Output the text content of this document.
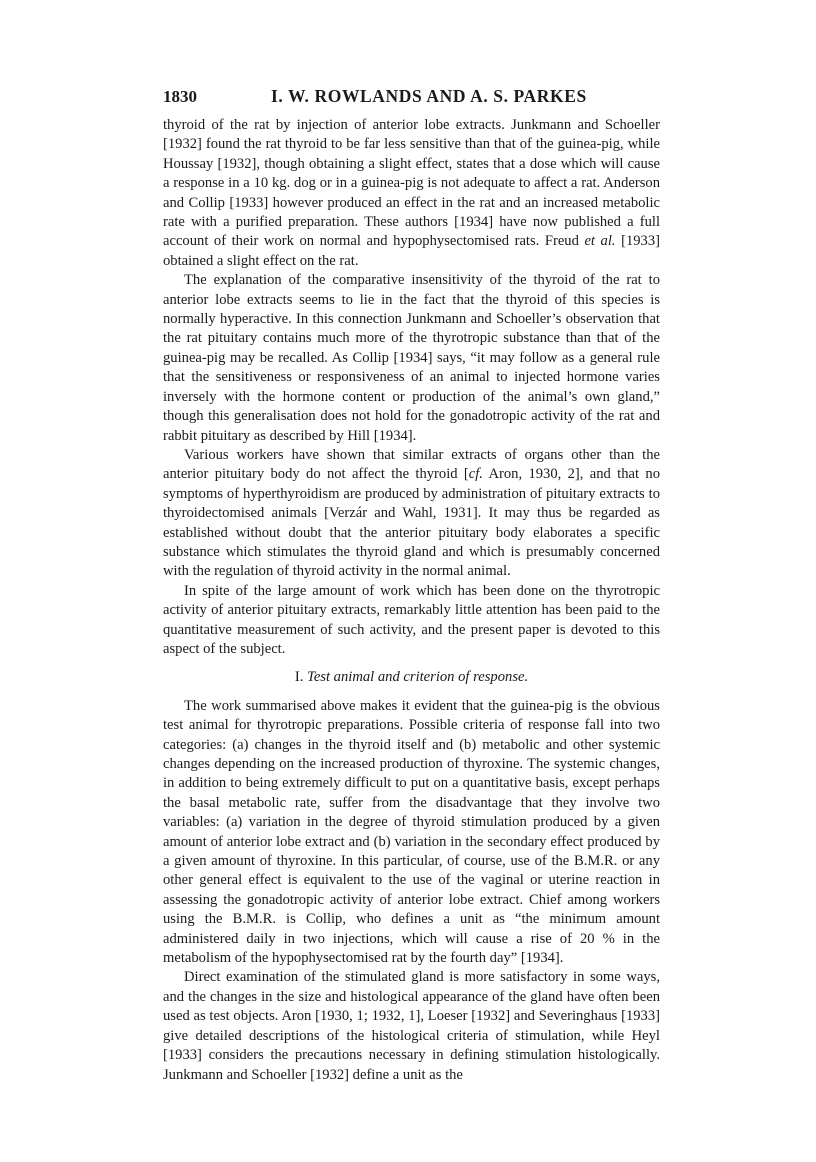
1830	I. W. ROWLANDS AND A. S. PARKES

thyroid of the rat by injection of anterior lobe extracts. Junkmann and Schoeller [1932] found the rat thyroid to be far less sensitive than that of the guinea-pig, while Houssay [1932], though obtaining a slight effect, states that a dose which will cause a response in a 10 kg. dog or in a guinea-pig is not adequate to affect a rat. Anderson and Collip [1933] however produced an effect in the rat and an increased metabolic rate with a purified preparation. These authors [1934] have now published a full account of their work on normal and hypophysectomised rats. Freud et al. [1933] obtained a slight effect on the rat.

The explanation of the comparative insensitivity of the thyroid of the rat to anterior lobe extracts seems to lie in the fact that the thyroid of this species is normally hyperactive. In this connection Junkmann and Schoeller’s observation that the rat pituitary contains much more of the thyrotropic substance than that of the guinea-pig may be recalled. As Collip [1934] says, “it may follow as a general rule that the sensitiveness or responsiveness of an animal to injected hormone varies inversely with the hormone content or production of the animal’s own gland,” though this generalisation does not hold for the gonadotropic activity of the rat and rabbit pituitary as described by Hill [1934].

Various workers have shown that similar extracts of organs other than the anterior pituitary body do not affect the thyroid [cf. Aron, 1930, 2], and that no symptoms of hyperthyroidism are produced by administration of pituitary extracts to thyroidectomised animals [Verzár and Wahl, 1931]. It may thus be regarded as established without doubt that the anterior pituitary body elaborates a specific substance which stimulates the thyroid gland and which is presumably concerned with the regulation of thyroid activity in the normal animal.

In spite of the large amount of work which has been done on the thyrotropic activity of anterior pituitary extracts, remarkably little attention has been paid to the quantitative measurement of such activity, and the present paper is devoted to this aspect of the subject.

I. Test animal and criterion of response.

The work summarised above makes it evident that the guinea-pig is the obvious test animal for thyrotropic preparations. Possible criteria of response fall into two categories: (a) changes in the thyroid itself and (b) metabolic and other systemic changes depending on the increased production of thyroxine. The systemic changes, in addition to being extremely difficult to put on a quantitative basis, except perhaps the basal metabolic rate, suffer from the disadvantage that they involve two variables: (a) variation in the degree of thyroid stimulation produced by a given amount of anterior lobe extract and (b) variation in the secondary effect produced by a given amount of thyroxine. In this particular, of course, use of the B.M.R. or any other general effect is equivalent to the use of the vaginal or uterine reaction in assessing the gonadotropic activity of anterior lobe extract. Chief among workers using the B.M.R. is Collip, who defines a unit as “the minimum amount administered daily in two injections, which will cause a rise of 20 % in the metabolism of the hypophysectomised rat by the fourth day” [1934].

Direct examination of the stimulated gland is more satisfactory in some ways, and the changes in the size and histological appearance of the gland have often been used as test objects. Aron [1930, 1; 1932, 1], Loeser [1932] and Severinghaus [1933] give detailed descriptions of the histological criteria of stimulation, while Heyl [1933] considers the precautions necessary in defining stimulation histologically. Junkmann and Schoeller [1932] define a unit as the
